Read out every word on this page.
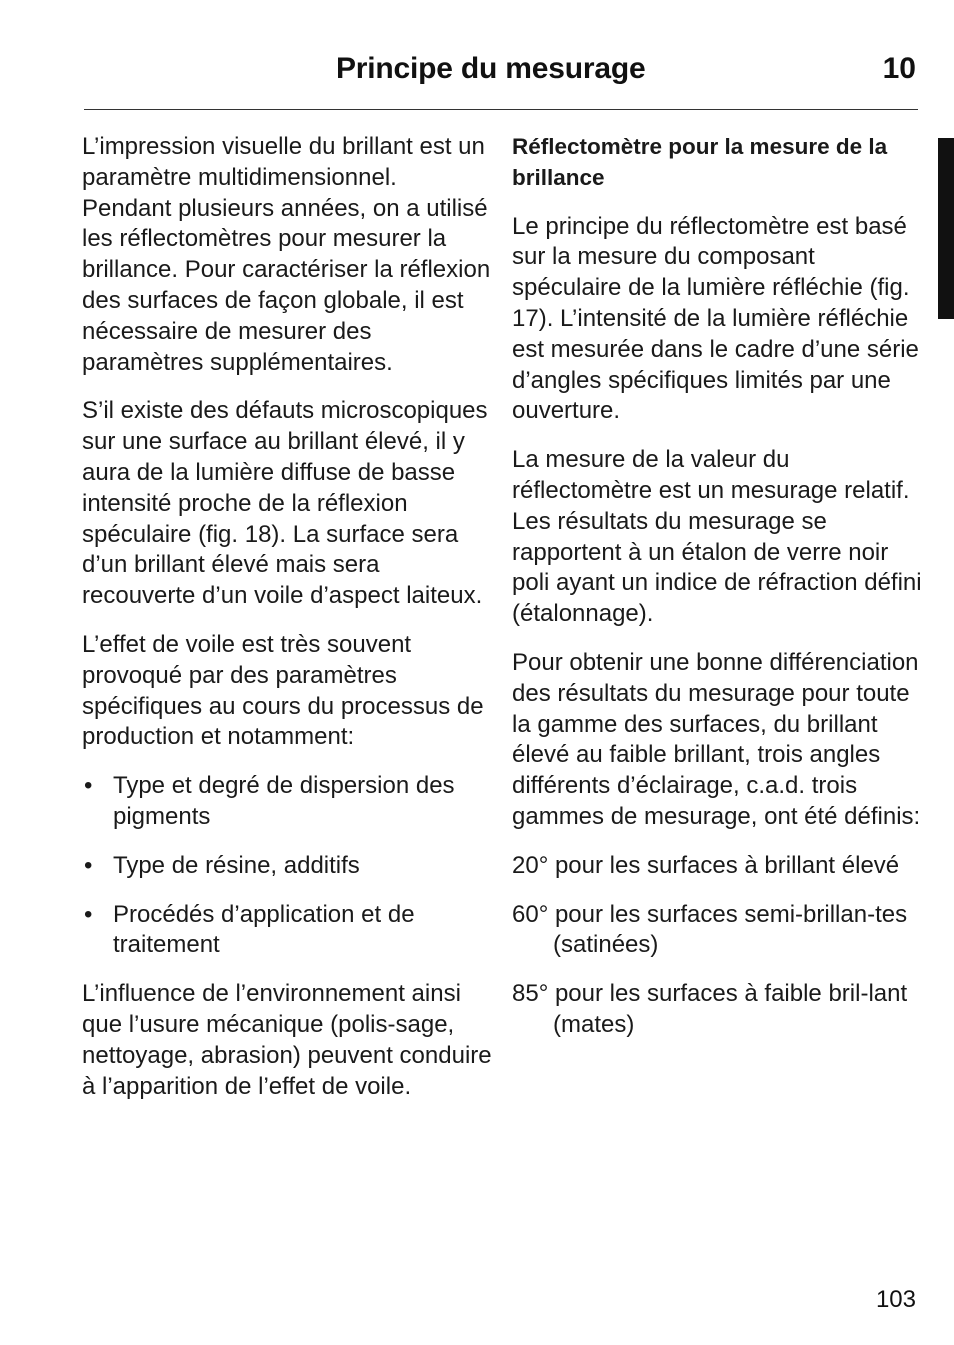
Principe du mesurage	10

L’impression visuelle du brillant est un paramètre multidimensionnel. Pendant plusieurs années, on a utilisé les réflectomètres pour mesurer la brillance. Pour caractériser la réflexion des surfaces de façon globale, il est nécessaire de mesurer des paramètres supplémentaires.

S’il existe des défauts microscopiques sur une surface au brillant élevé, il y aura de la lumière diffuse de basse intensité proche de la réflexion spéculaire (fig. 18). La surface sera d’un brillant élevé mais sera recouverte d’un voile d’aspect laiteux.

L’effet de voile est très souvent provoqué par des paramètres spécifiques au cours du processus de production et notamment:

• Type et degré de dispersion des pigments
• Type de résine, additifs
• Procédés d’application et de traitement

L’influence de l’environnement ainsi que l’usure mécanique (polis-sage, nettoyage, abrasion) peuvent conduire à l’apparition de l’effet de voile.

Réflectomètre pour la mesure de la brillance

Le principe du réflectomètre est basé sur la mesure du composant spéculaire de la lumière réfléchie (fig. 17). L’intensité de la lumière réfléchie est mesurée dans le cadre d’une série d’angles spécifiques limités par une ouverture.

La mesure de la valeur du réflectomètre est un mesurage relatif. Les résultats du mesurage se rapportent à un étalon de verre noir poli ayant un indice de réfraction défini (étalonnage).

Pour obtenir une bonne différenciation des résultats du mesurage pour toute la gamme des surfaces, du brillant élevé au faible brillant, trois angles différents d’éclairage, c.a.d. trois gammes de mesurage, ont été définis:

20° pour les surfaces à brillant élevé
60° pour les surfaces semi-brillan-tes (satinées)
85° pour les surfaces à faible bril-lant (mates)
103
